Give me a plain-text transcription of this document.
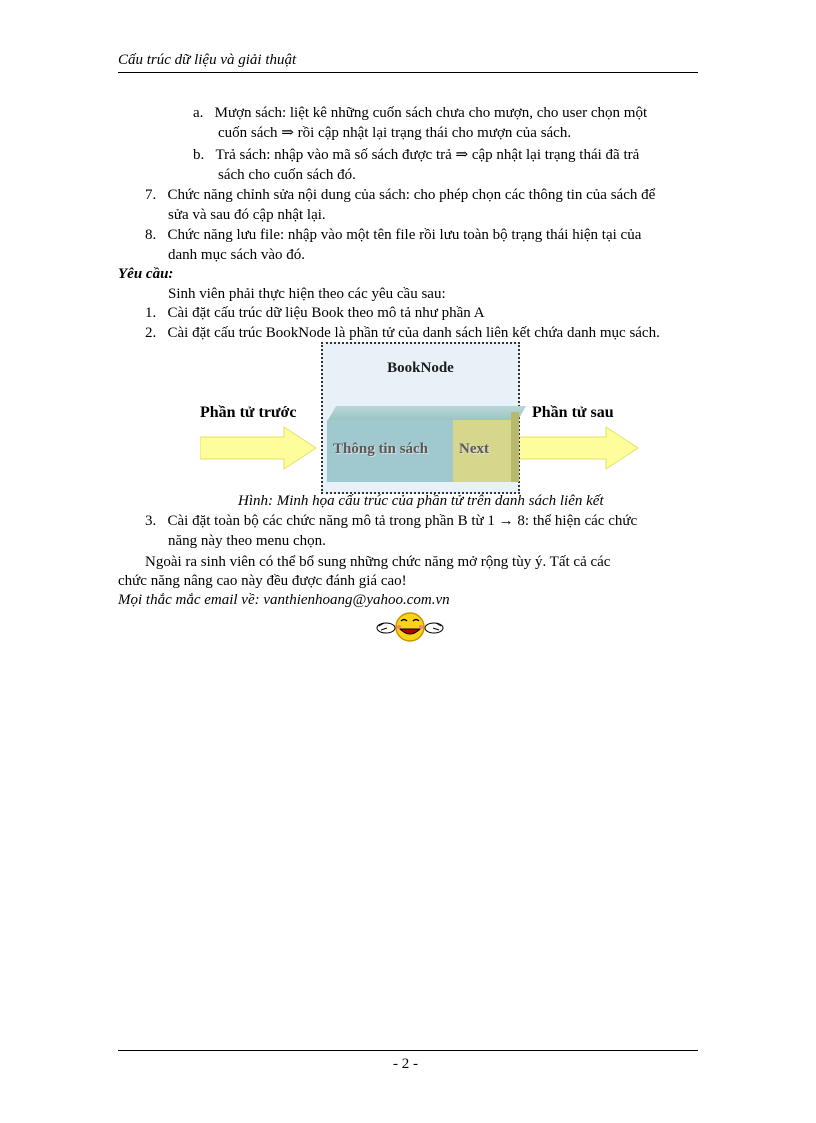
Cấu trúc dữ liệu và giải thuật
a.   Mượn sách: liệt kê những cuốn sách chưa cho mượn, cho user chọn một
cuốn sách ⇒ rồi cập nhật lại trạng thái cho mượn của sách.
b.   Trả sách: nhập vào mã số sách được trả ⇒ cập nhật lại trạng thái đã trả
sách cho cuốn sách đó.
7.   Chức năng chỉnh sửa nội dung của sách: cho phép chọn các thông tin của sách để
sửa và sau đó cập nhật lại.
8.   Chức năng lưu file: nhập vào một tên file rồi lưu toàn bộ trạng thái hiện tại của
danh mục sách vào đó.
Yêu cầu:
Sinh viên phải thực hiện theo các yêu cầu sau:
1.   Cài đặt cấu trúc dữ liệu Book theo mô tả như phần A
2.   Cài đặt cấu trúc BookNode là phần tử của danh sách liên kết chứa danh mục sách.
Phần tử trước	Phần tử sau
BookNode
Thông tin sách Next
Hình: Minh họa cấu trúc của phần tử trên danh sách liên kết
3.   Cài đặt toàn bộ các chức năng mô tả trong phần B từ 1 → 8: thể hiện các chức
năng này theo menu chọn.
Ngoài ra sinh viên có thể bổ sung những chức năng mở rộng tùy ý. Tất cả các
chức năng nâng cao này đều được đánh giá cao!
Mọi thắc mắc email về: vanthienhoang@yahoo.com.vn
- 2 -
